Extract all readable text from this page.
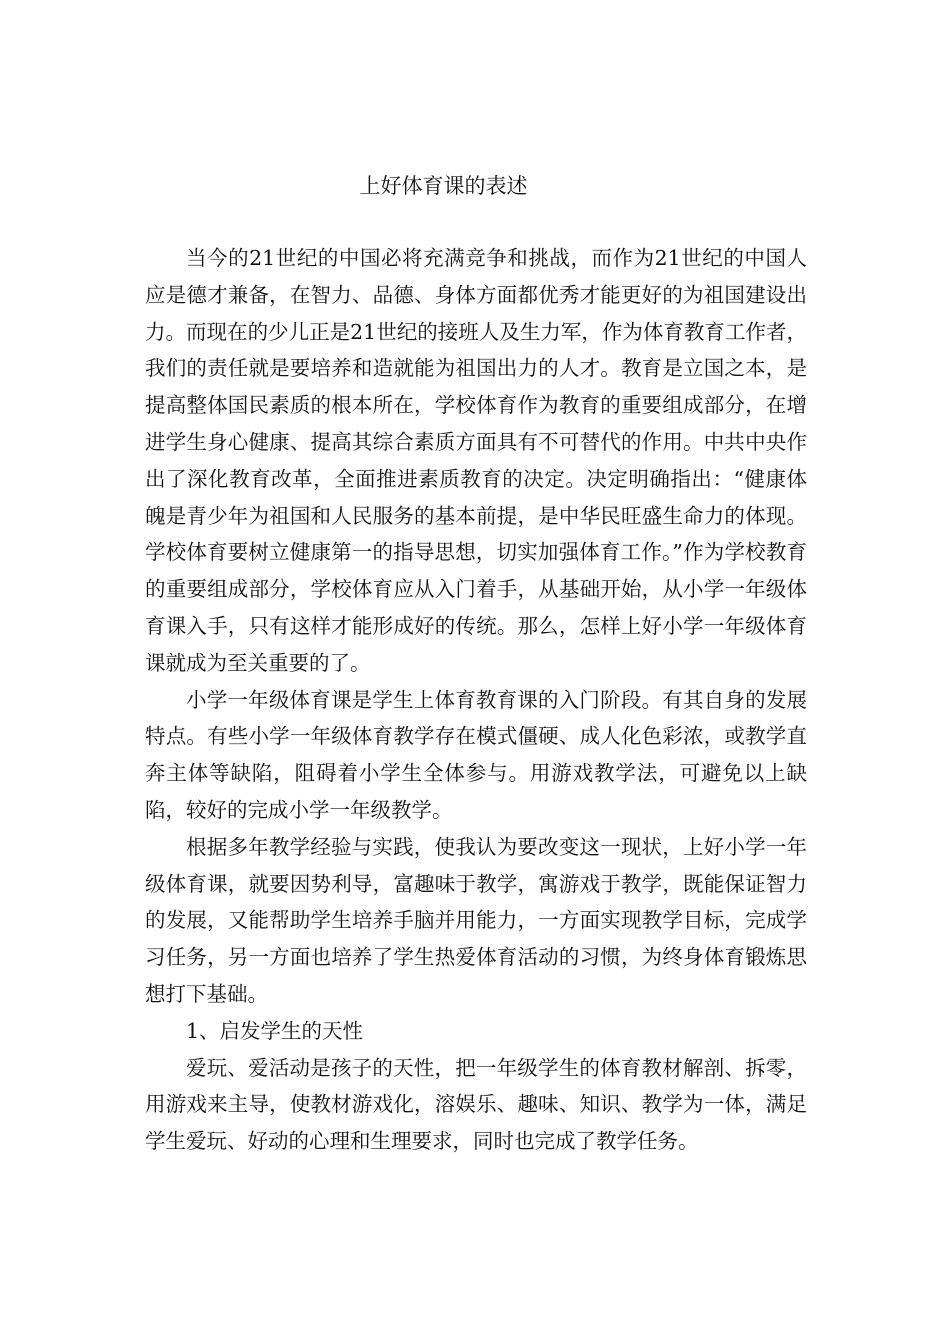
上好体育课的表述

当今的21世纪的中国必将充满竞争和挑战，而作为21世纪的中国人应是德才兼备，在智力、品德、身体方面都优秀才能更好的为祖国建设出力。而现在的少儿正是21世纪的接班人及生力军，作为体育教育工作者，我们的责任就是要培养和造就能为祖国出力的人才。教育是立国之本，是提高整体国民素质的根本所在，学校体育作为教育的重要组成部分，在增进学生身心健康、提高其综合素质方面具有不可替代的作用。中共中央作出了深化教育改革，全面推进素质教育的决定。决定明确指出：“健康体魄是青少年为祖国和人民服务的基本前提，是中华民旺盛生命力的体现。学校体育要树立健康第一的指导思想，切实加强体育工作。”作为学校教育的重要组成部分，学校体育应从入门着手，从基础开始，从小学一年级体育课入手，只有这样才能形成好的传统。那么，怎样上好小学一年级体育课就成为至关重要的了。

小学一年级体育课是学生上体育教育课的入门阶段。有其自身的发展特点。有些小学一年级体育教学存在模式僵硬、成人化色彩浓，或教学直奔主体等缺陷，阻碍着小学生全体参与。用游戏教学法，可避免以上缺陷，较好的完成小学一年级教学。

根据多年教学经验与实践，使我认为要改变这一现状，上好小学一年级体育课，就要因势利导，富趣味于教学，寓游戏于教学，既能保证智力的发展，又能帮助学生培养手脑并用能力，一方面实现教学目标，完成学习任务，另一方面也培养了学生热爱体育活动的习惯，为终身体育锻炼思想打下基础。

1、启发学生的天性

爱玩、爱活动是孩子的天性，把一年级学生的体育教材解剖、拆零，用游戏来主导，使教材游戏化，溶娱乐、趣味、知识、教学为一体，满足学生爱玩、好动的心理和生理要求，同时也完成了教学任务。
